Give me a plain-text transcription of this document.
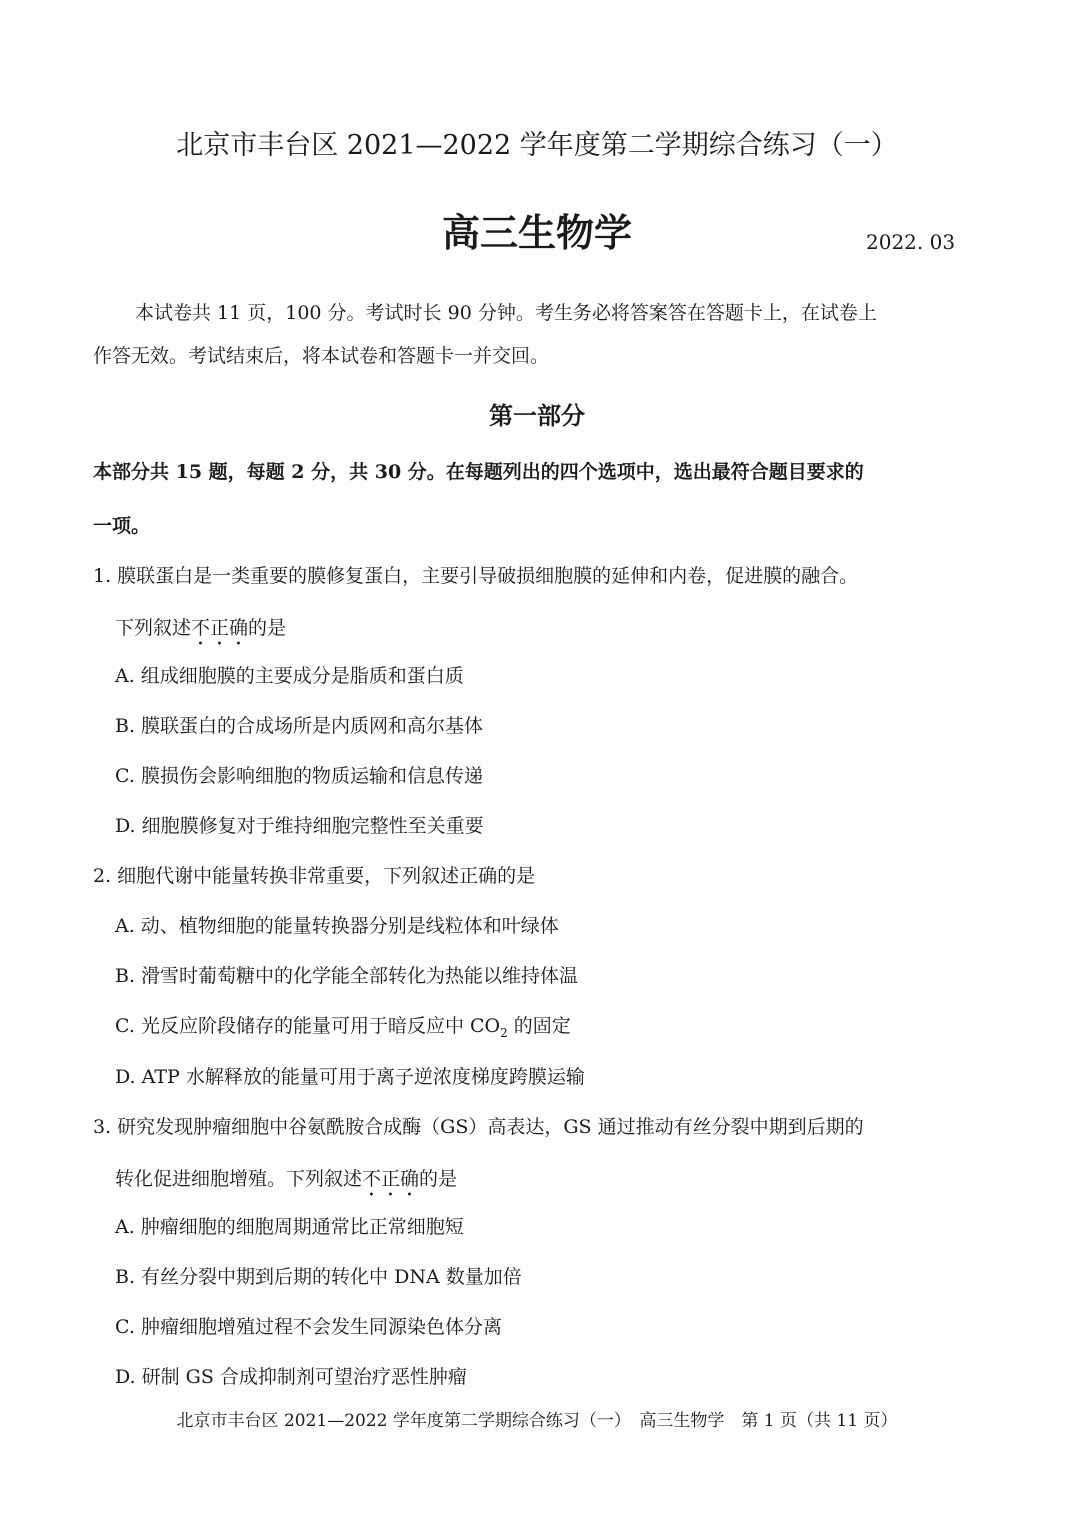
北京市丰台区 2021—2022 学年度第二学期综合练习（一）
高三生物学	2022. 03
本试卷共 11 页，100 分。考试时长 90 分钟。考生务必将答案答在答题卡上，在试卷上
作答无效。考试结束后，将本试卷和答题卡一并交回。
第一部分
本部分共 15 题，每题 2 分，共 30 分。在每题列出的四个选项中，选出最符合题目要求的
一项。
1. 膜联蛋白是一类重要的膜修复蛋白，主要引导破损细胞膜的延伸和内卷，促进膜的融合。
下列叙述不正确的是
A. 组成细胞膜的主要成分是脂质和蛋白质
B. 膜联蛋白的合成场所是内质网和高尔基体
C. 膜损伤会影响细胞的物质运输和信息传递
D. 细胞膜修复对于维持细胞完整性至关重要
2. 细胞代谢中能量转换非常重要，下列叙述正确的是
A. 动、植物细胞的能量转换器分别是线粒体和叶绿体
B. 滑雪时葡萄糖中的化学能全部转化为热能以维持体温
C. 光反应阶段储存的能量可用于暗反应中 $CO_2$ 的固定
D. ATP 水解释放的能量可用于离子逆浓度梯度跨膜运输
3. 研究发现肿瘤细胞中谷氨酰胺合成酶（GS）高表达，GS 通过推动有丝分裂中期到后期的
转化促进细胞增殖。下列叙述不正确的是
A. 肿瘤细胞的细胞周期通常比正常细胞短
B. 有丝分裂中期到后期的转化中 DNA 数量加倍
C. 肿瘤细胞增殖过程不会发生同源染色体分离
D. 研制 GS 合成抑制剂可望治疗恶性肿瘤
北京市丰台区 2021—2022 学年度第二学期综合练习（一）　高三生物学　第 1 页（共 11 页）
